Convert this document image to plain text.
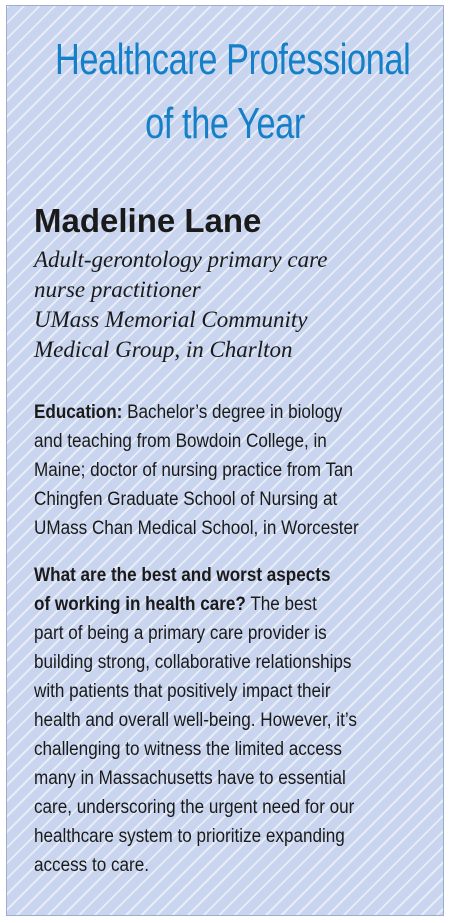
Healthcare Professional
of the Year
Madeline Lane

Adult-gerontology primary care
nurse practitioner
UMass Memorial Community
Medical Group, in Charlton

Education: Bachelor’s degree in biology
and teaching from Bowdoin College, in
Maine; doctor of nursing practice from Tan
Chingfen Graduate School of Nursing at
UMass Chan Medical School, in Worcester

What are the best and worst aspects
of working in health care? The best
part of being a primary care provider is
building strong, collaborative relationships
with patients that positively impact their
health and overall well-being. However, it’s
challenging to witness the limited access
many in Massachusetts have to essential
care, underscoring the urgent need for our
healthcare system to prioritize expanding
access to care.
